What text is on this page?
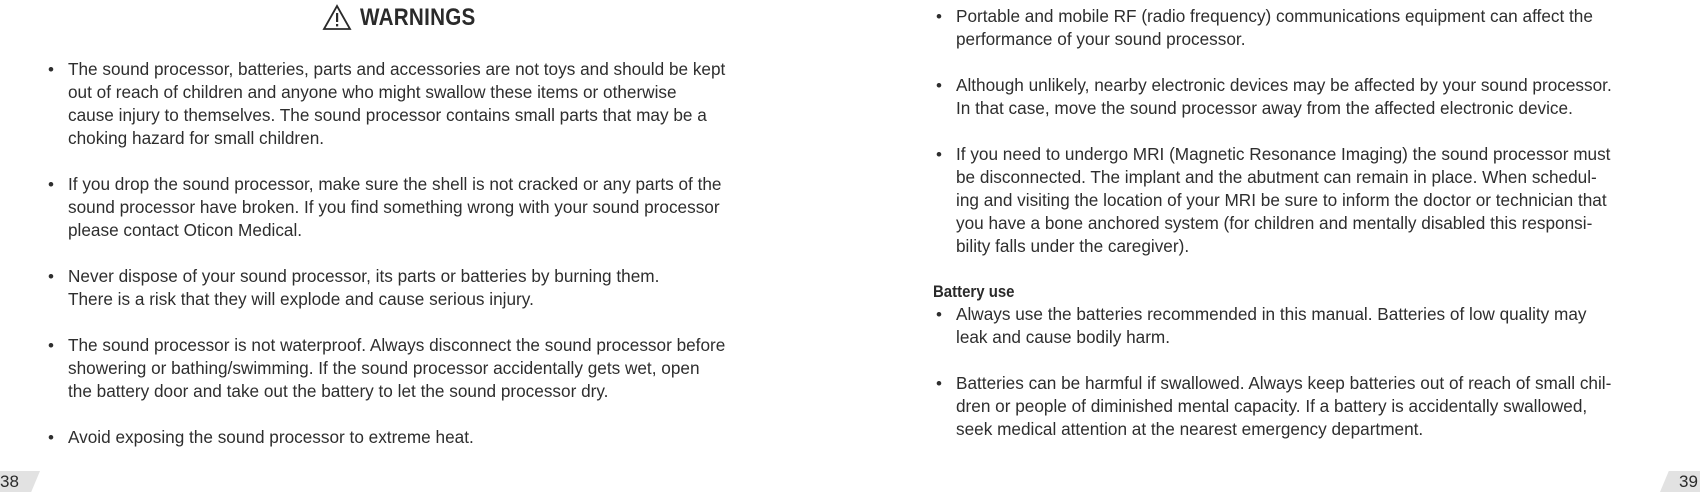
WARNINGS
• The sound processor, batteries, parts and accessories are not toys and should be kept
out of reach of children and anyone who might swallow these items or otherwise
cause injury to themselves. The sound processor contains small parts that may be a
choking hazard for small children.
• If you drop the sound processor, make sure the shell is not cracked or any parts of the
sound processor have broken. If you find something wrong with your sound processor
please contact Oticon Medical.
• Never dispose of your sound processor, its parts or batteries by burning them.
There is a risk that they will explode and cause serious injury.
• The sound processor is not waterproof. Always disconnect the sound processor before
showering or bathing/swimming. If the sound processor accidentally gets wet, open
the battery door and take out the battery to let the sound processor dry.
• Avoid exposing the sound processor to extreme heat.
38
• Portable and mobile RF (radio frequency) communications equipment can affect the
performance of your sound processor.
• Although unlikely, nearby electronic devices may be affected by your sound processor.
In that case, move the sound processor away from the affected electronic device.
• If you need to undergo MRI (Magnetic Resonance Imaging) the sound processor must
be disconnected. The implant and the abutment can remain in place. When schedul-
ing and visiting the location of your MRI be sure to inform the doctor or technician that
you have a bone anchored system (for children and mentally disabled this responsi-
bility falls under the caregiver).
Battery use
• Always use the batteries recommended in this manual. Batteries of low quality may
leak and cause bodily harm.
• Batteries can be harmful if swallowed. Always keep batteries out of reach of small chil-
dren or people of diminished mental capacity. If a battery is accidentally swallowed,
seek medical attention at the nearest emergency department.
39
